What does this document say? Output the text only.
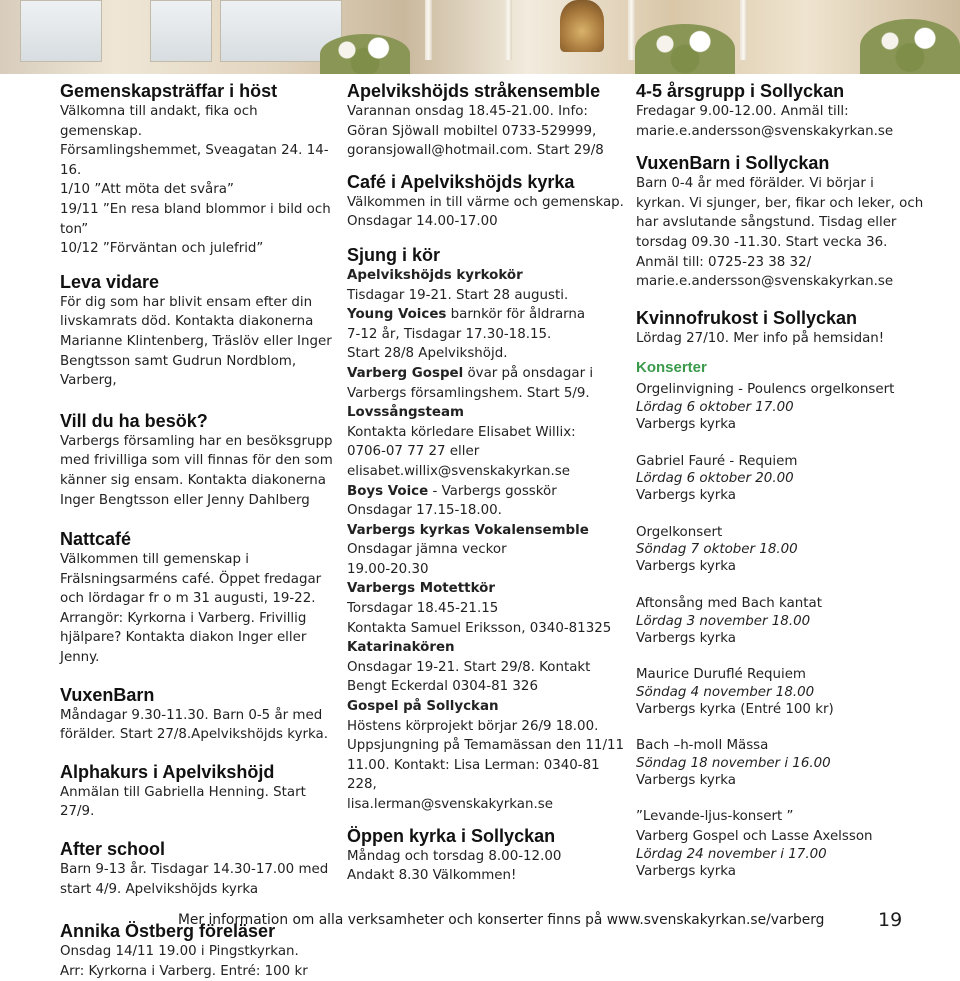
Gemenskapsträffar i höst
Välkomna till andakt, fika och gemenskap.
Församlingshemmet, Sveagatan 24. 14-16.
1/10 ”Att möta det svåra”
19/11 ”En resa bland blommor i bild och ton”
10/12 ”Förväntan och julefrid”
Leva vidare
För dig som har blivit ensam efter din
livskamrats död. Kontakta diakonerna
Marianne Klintenberg, Träslöv eller Inger
Bengtsson samt Gudrun Nordblom,
Varberg,
Vill du ha besök?
Varbergs församling har en besöksgrupp
med frivilliga som vill finnas för den som
känner sig ensam. Kontakta diakonerna
Inger Bengtsson eller Jenny Dahlberg
Nattcafé
Välkommen till gemenskap i
Frälsningsarméns café. Öppet fredagar
och lördagar fr o m 31 augusti, 19-22.
Arrangör: Kyrkorna i Varberg. Frivillig
hjälpare? Kontakta diakon Inger eller Jenny.
VuxenBarn
Måndagar 9.30-11.30. Barn 0-5 år med
förälder. Start 27/8.Apelvikshöjds kyrka.
Alphakurs i Apelvikshöjd
Anmälan till Gabriella Henning. Start 27/9.
After school
Barn 9-13 år. Tisdagar 14.30-17.00 med
start 4/9. Apelvikshöjds kyrka
Annika Östberg föreläser
Onsdag 14/11 19.00 i Pingstkyrkan.
Arr: Kyrkorna i Varberg. Entré: 100 kr
Apelvikshöjds stråkensemble
Varannan onsdag 18.45-21.00. Info:
Göran Sjöwall mobiltel 0733-529999,
goransjowall@hotmail.com. Start 29/8
Café i Apelvikshöjds kyrka
Välkommen in till värme och gemenskap.
Onsdagar 14.00-17.00
Sjung i kör
Apelvikshöjds kyrkokör
Tisdagar 19-21. Start 28 augusti.
Young Voices barnkör för åldrarna
7-12 år, Tisdagar 17.30-18.15.
Start 28/8 Apelvikshöjd.
Varberg Gospel övar på onsdagar i
Varbergs församlingshem. Start 5/9.
Lovssångsteam
Kontakta körledare Elisabet Willix:
0706-07 77 27 eller
elisabet.willix@svenskakyrkan.se
Boys Voice - Varbergs gosskör
Onsdagar 17.15-18.00.
Varbergs kyrkas Vokalensemble
Onsdagar jämna veckor
19.00-20.30
Varbergs Motettkör
Torsdagar 18.45-21.15
Kontakta Samuel Eriksson, 0340-81325
Katarinakören
Onsdagar 19-21. Start 29/8. Kontakt
Bengt Eckerdal 0304-81 326
Gospel på Sollyckan
Höstens körprojekt börjar 26/9 18.00.
Uppsjungning på Temamässan den 11/11
11.00. Kontakt: Lisa Lerman: 0340-81 228,
lisa.lerman@svenskakyrkan.se
Öppen kyrka i Sollyckan
Måndag och torsdag 8.00-12.00
Andakt 8.30 Välkommen!
4-5 årsgrupp i Sollyckan
Fredagar 9.00-12.00. Anmäl till:
marie.e.andersson@svenskakyrkan.se
VuxenBarn i Sollyckan
Barn 0-4 år med förälder. Vi börjar i
kyrkan. Vi sjunger, ber, fikar och leker, och
har avslutande sångstund. Tisdag eller
torsdag 09.30 -11.30. Start vecka 36.
Anmäl till: 0725-23 38 32/
marie.e.andersson@svenskakyrkan.se
Kvinnofrukost i Sollyckan
Lördag 27/10. Mer info på hemsidan!
Konserter
Orgelinvigning - Poulencs orgelkonsert
Lördag 6 oktober 17.00
Varbergs kyrka
Gabriel Fauré - Requiem
Lördag 6 oktober 20.00
Varbergs kyrka
Orgelkonsert
Söndag 7 oktober 18.00
Varbergs kyrka
Aftonsång med Bach kantat
Lördag 3 november 18.00
Varbergs kyrka
Maurice Duruflé Requiem
Söndag 4 november 18.00
Varbergs kyrka (Entré 100 kr)
Bach –h-moll Mässa
Söndag 18 november i 16.00
Varbergs kyrka
”Levande-ljus-konsert ”
Varberg Gospel och Lasse Axelsson
Lördag 24 november i 17.00
Varbergs kyrka
Mer information om alla verksamheter och konserter finns på www.svenskakyrkan.se/varberg	19
